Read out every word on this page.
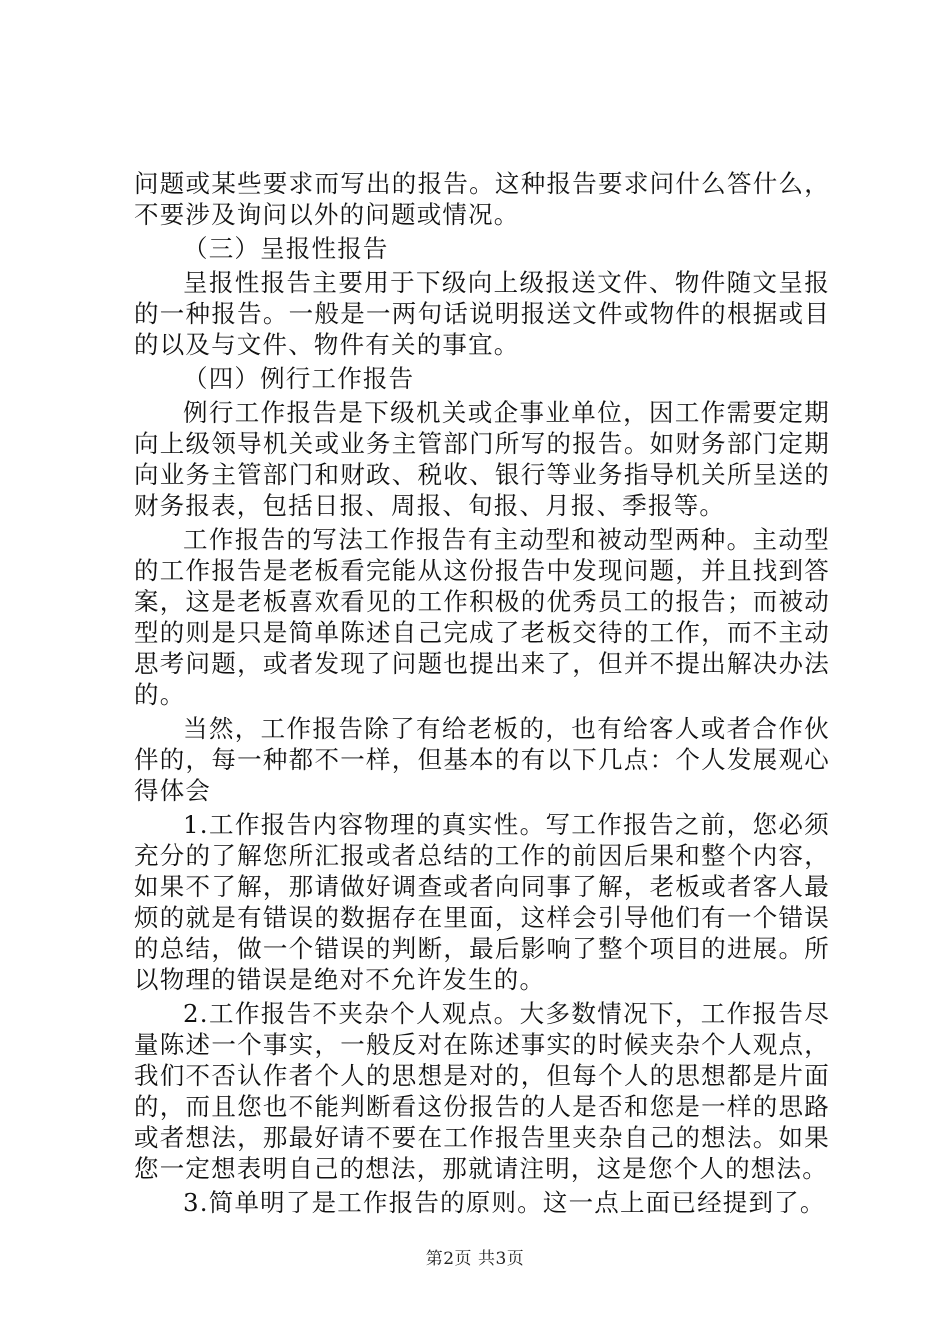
问题或某些要求而写出的报告。这种报告要求问什么答什么，不要涉及询问以外的问题或情况。

（三）呈报性报告

呈报性报告主要用于下级向上级报送文件、物件随文呈报的一种报告。一般是一两句话说明报送文件或物件的根据或目的以及与文件、物件有关的事宜。

（四）例行工作报告

例行工作报告是下级机关或企事业单位，因工作需要定期向上级领导机关或业务主管部门所写的报告。如财务部门定期向业务主管部门和财政、税收、银行等业务指导机关所呈送的财务报表，包括日报、周报、旬报、月报、季报等。

工作报告的写法工作报告有主动型和被动型两种。主动型的工作报告是老板看完能从这份报告中发现问题，并且找到答案，这是老板喜欢看见的工作积极的优秀员工的报告；而被动型的则是只是简单陈述自己完成了老板交待的工作，而不主动思考问题，或者发现了问题也提出来了，但并不提出解决办法的。

当然，工作报告除了有给老板的，也有给客人或者合作伙伴的，每一种都不一样，但基本的有以下几点：个人发展观心得体会

1.工作报告内容物理的真实性。写工作报告之前，您必须充分的了解您所汇报或者总结的工作的前因后果和整个内容，如果不了解，那请做好调查或者向同事了解，老板或者客人最烦的就是有错误的数据存在里面，这样会引导他们有一个错误的总结，做一个错误的判断，最后影响了整个项目的进展。所以物理的错误是绝对不允许发生的。

2.工作报告不夹杂个人观点。大多数情况下，工作报告尽量陈述一个事实，一般反对在陈述事实的时候夹杂个人观点，我们不否认作者个人的思想是对的，但每个人的思想都是片面的，而且您也不能判断看这份报告的人是否和您是一样的思路或者想法，那最好请不要在工作报告里夹杂自己的想法。如果您一定想表明自己的想法，那就请注明，这是您个人的想法。

3.简单明了是工作报告的原则。这一点上面已经提到了。

第2页 共3页
